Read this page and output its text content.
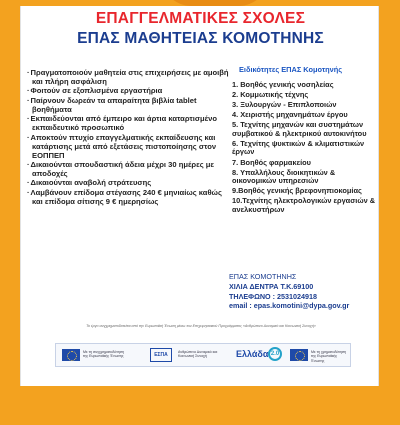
ΕΠΑΓΓΕΛΜΑΤΙΚΕΣ ΣΧΟΛΕΣ
ΕΠΑΣ ΜΑΘΗΤΕΙΑΣ ΚΟΜΟΤΗΝΗΣ
·Πραγματοποιούν μαθητεία στις επιχειρήσεις με αμοιβή και πλήρη ασφάλιση
·Φοιτούν σε εξοπλισμένα εργαστήρια
·Παίρνουν δωρεάν τα απαραίτητα βιβλία tablet βοηθήματα
·Εκπαιδεύονται από έμπειρο και άρτια καταρτισμένο εκπαιδευτικό προσωπικό
·Αποκτούν πτυχίο επαγγελματικής εκπαίδευσης και κατάρτισης μετά από εξετάσεις πιστοποίησης στον ΕΟΠΠΕΠ
·Δικαιούνται σπουδαστική άδεια μέχρι 30 ημέρες με αποδοχές
·Δικαιούνται αναβολή στράτευσης
·Λαμβάνουν επίδομα στέγασης 240 € μηνιαίως καθώς και επίδομα σίτισης 9 € ημερησίως
Ειδικότητες ΕΠΑΣ Κομοτηνής
1. Βοηθός γενικής νοσηλείας
2. Κομμωτικής τέχνης
3. Ξυλουργών - Επιπλοποιών
4. Χειριστής μηχανημάτων έργου
5. Τεχνίτης μηχανών και συστημάτων συμβατικού & ηλεκτρικού αυτοκινήτου
6. Τεχνίτης ψυκτικών & κλιματιστικών έργων
7. Βοηθός φαρμακείου
8. Υπαλλήλους διοικητικών & οικονομικών υπηρεσιών
9.Βοηθός γενικής βρεφονηπιοκομίας
10.Τεχνίτης ηλεκτρολογικών εργασιών & ανελκυστήρων
ΕΠΑΣ ΚΟΜΟΤΗΝΗΣ
ΧΙΛΙΑ ΔΕΝΤΡΑ Τ.Κ.69100
ΤΗΛΕΦΩΝΟ : 2531024918
email : epas.komotini@dypa.gov.gr
Το έργο συγχρηματοδοτείται από την Ευρωπαϊκή Ένωση μέσω του Επιχειρησιακού Προγράμματος «Ανθρώπινο Δυναμικό και Κοινωνική Συνοχή»
Με τη συγχρηματοδότηση της Ευρωπαϊκής Ένωσης	ΕΣΠΑ	Ανθρώπινο Δυναμικό και Κοινωνική Συνοχή	Ελλάδα 2.0	Με τη χρηματοδότηση της Ευρωπαϊκής Ένωσης
